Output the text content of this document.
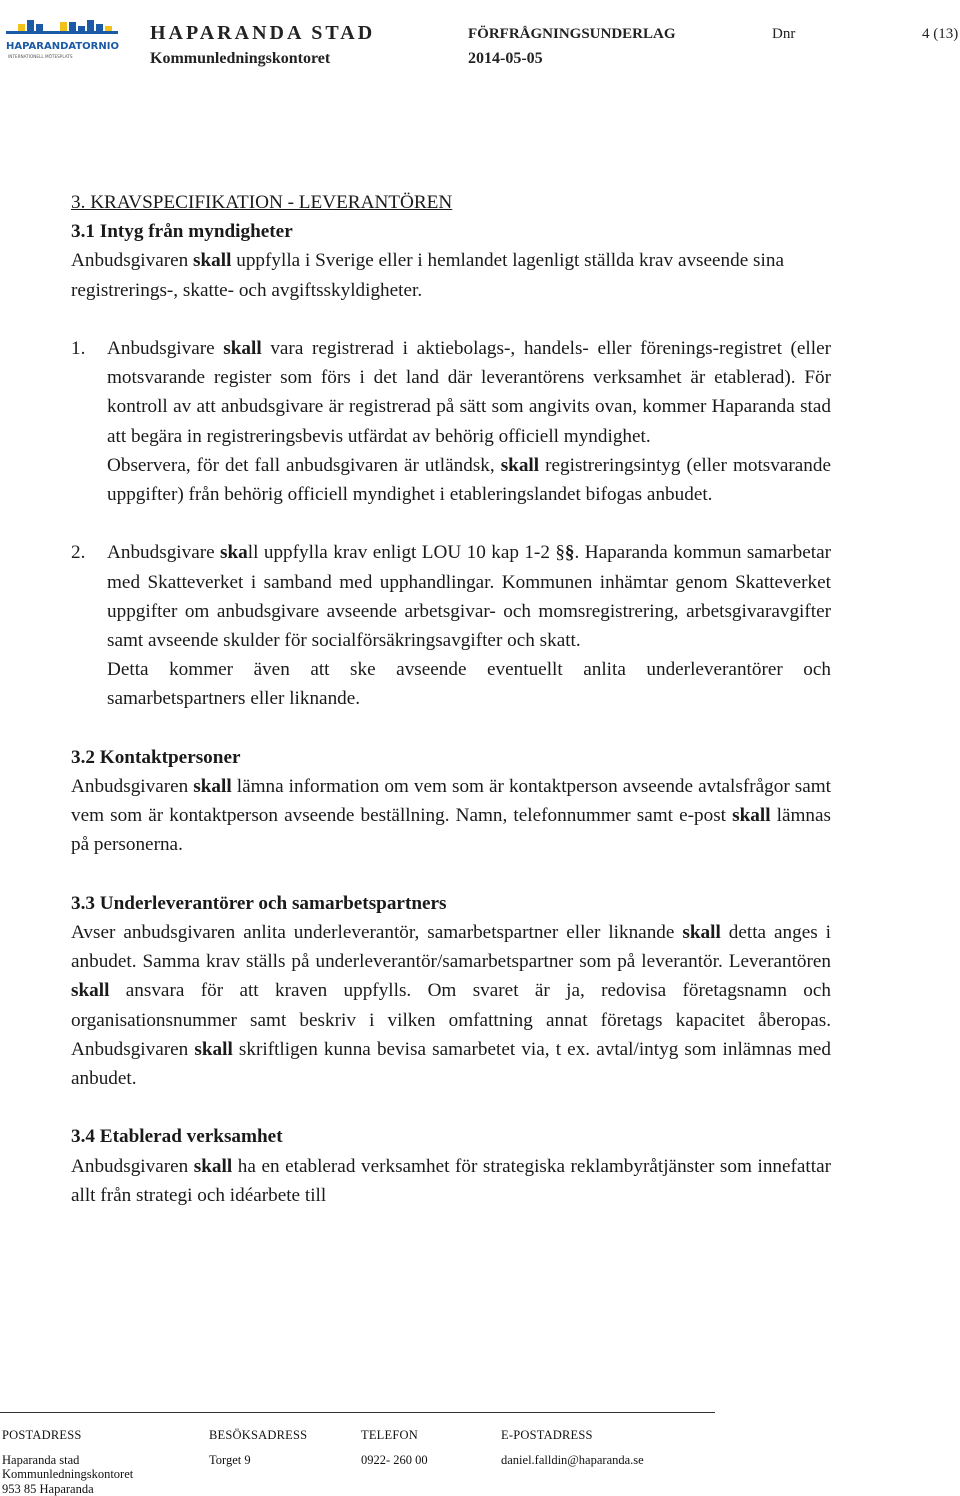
HAPARANDATORNIO
INTERNATIONELL MÖTESPLATS
HAPARANDA STAD
Kommunledningskontoret
FÖRFRÅGNINGSUNDERLAG
2014-05-05
Dnr	4 (13)

3. KRAVSPECIFIKATION - LEVERANTÖREN

3.1 Intyg från myndigheter

Anbudsgivaren skall uppfylla i Sverige eller i hemlandet lagenligt ställda krav avseende sina registrerings-, skatte- och avgiftsskyldigheter.

1. Anbudsgivare skall vara registrerad i aktiebolags-, handels- eller förenings-registret (eller motsvarande register som förs i det land där leverantörens verksamhet är etablerad). För kontroll av att anbudsgivare är registrerad på sätt som angivits ovan, kommer Haparanda stad att begära in registreringsbevis utfärdat av behörig officiell myndighet.

Observera, för det fall anbudsgivaren är utländsk, skall registreringsintyg (eller motsvarande uppgifter) från behörig officiell myndighet i etableringslandet bifogas anbudet.

2. Anbudsgivare skall uppfylla krav enligt LOU 10 kap 1-2 §§. Haparanda kommun samarbetar med Skatteverket i samband med upphandlingar. Kommunen inhämtar genom Skatteverket uppgifter om anbudsgivare avseende arbetsgivar- och momsregistrering, arbetsgivaravgifter samt avseende skulder för socialförsäkringsavgifter och skatt.

Detta kommer även att ske avseende eventuellt anlita underleverantörer och samarbetspartners eller liknande.

3.2 Kontaktpersoner

Anbudsgivaren skall lämna information om vem som är kontaktperson avseende avtalsfrågor samt vem som är kontaktperson avseende beställning. Namn, telefonnummer samt e-post skall lämnas på personerna.

3.3 Underleverantörer och samarbetspartners

Avser anbudsgivaren anlita underleverantör, samarbetspartner eller liknande skall detta anges i anbudet. Samma krav ställs på underleverantör/samarbetspartner som på leverantör. Leverantören skall ansvara för att kraven uppfylls. Om svaret är ja, redovisa företagsnamn och organisationsnummer samt beskriv i vilken omfattning annat företags kapacitet åberopas. Anbudsgivaren skall skriftligen kunna bevisa samarbetet via, t ex. avtal/intyg som inlämnas med anbudet.

3.4 Etablerad verksamhet

Anbudsgivaren skall ha en etablerad verksamhet för strategiska reklambyråtjänster som innefattar allt från strategi och idéarbete till

POSTADRESS
Haparanda stad
Kommunledningskontoret
953 85 Haparanda
BESÖKSADRESS
Torget 9
TELEFON
0922- 260 00
E-POSTADRESS
daniel.falldin@haparanda.se
